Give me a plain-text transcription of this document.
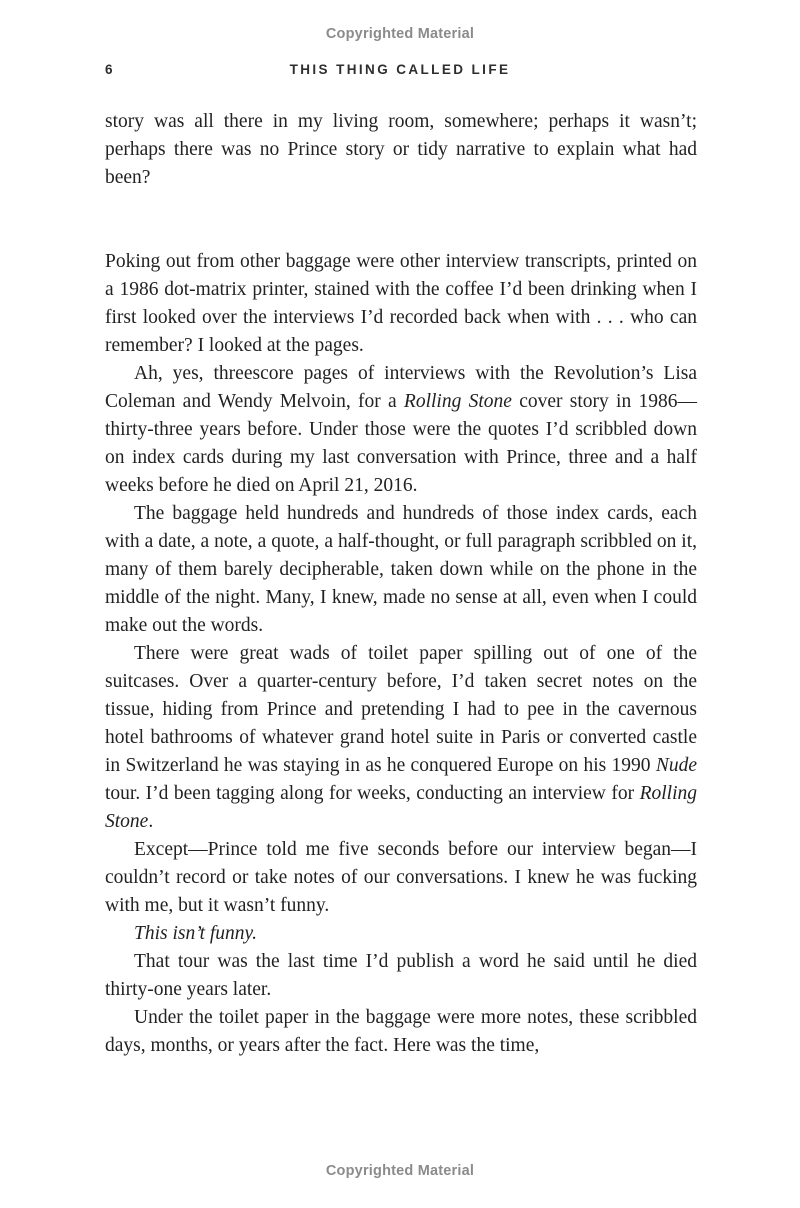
Copyrighted Material
6	THIS THING CALLED LIFE

story was all there in my living room, somewhere; perhaps it wasn’t; perhaps there was no Prince story or tidy narrative to explain what had been?

Poking out from other baggage were other interview transcripts, printed on a 1986 dot-matrix printer, stained with the coffee I’d been drinking when I first looked over the interviews I’d recorded back when with . . . who can remember? I looked at the pages.

Ah, yes, threescore pages of interviews with the Revolution’s Lisa Coleman and Wendy Melvoin, for a Rolling Stone cover story in 1986—thirty-three years before. Under those were the quotes I’d scribbled down on index cards during my last conversation with Prince, three and a half weeks before he died on April 21, 2016.

The baggage held hundreds and hundreds of those index cards, each with a date, a note, a quote, a half-thought, or full paragraph scribbled on it, many of them barely decipherable, taken down while on the phone in the middle of the night. Many, I knew, made no sense at all, even when I could make out the words.

There were great wads of toilet paper spilling out of one of the suitcases. Over a quarter-century before, I’d taken secret notes on the tissue, hiding from Prince and pretending I had to pee in the cavernous hotel bathrooms of whatever grand hotel suite in Paris or converted castle in Switzerland he was staying in as he conquered Europe on his 1990 Nude tour. I’d been tagging along for weeks, conducting an interview for Rolling Stone.

Except—Prince told me five seconds before our interview began—I couldn’t record or take notes of our conversations. I knew he was fucking with me, but it wasn’t funny.

This isn’t funny.

That tour was the last time I’d publish a word he said until he died thirty-one years later.

Under the toilet paper in the baggage were more notes, these scribbled days, months, or years after the fact. Here was the time,

Copyrighted Material
